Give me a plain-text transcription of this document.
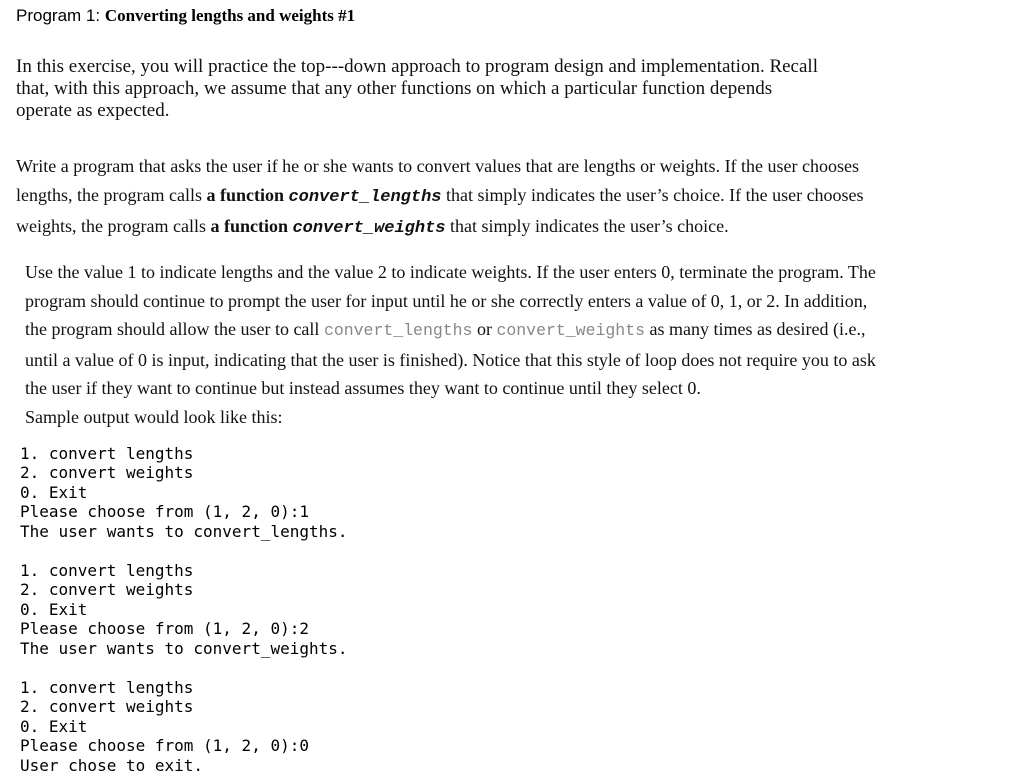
Program 1: Converting lengths and weights #1
In this exercise, you will practice the top---down approach to program design and implementation. Recall
that, with this approach, we assume that any other functions on which a particular function depends
operate as expected.
Write a program that asks the user if he or she wants to convert values that are lengths or weights. If the user chooses
lengths, the program calls a function convert_lengths that simply indicates the user’s choice. If the user chooses
weights, the program calls a function convert_weights that simply indicates the user’s choice.
Use the value 1 to indicate lengths and the value 2 to indicate weights. If the user enters 0, terminate the program. The
program should continue to prompt the user for input until he or she correctly enters a value of 0, 1, or 2. In addition,
the program should allow the user to call convert_lengths or convert_weights as many times as desired (i.e.,
until a value of 0 is input, indicating that the user is finished). Notice that this style of loop does not require you to ask
the user if they want to continue but instead assumes they want to continue until they select 0.
Sample output would look like this:
1. convert lengths
2. convert weights
0. Exit
Please choose from (1, 2, 0):1
The user wants to convert_lengths.
1. convert lengths
2. convert weights
0. Exit
Please choose from (1, 2, 0):2
The user wants to convert_weights.
1. convert lengths
2. convert weights
0. Exit
Please choose from (1, 2, 0):0
User chose to exit.
